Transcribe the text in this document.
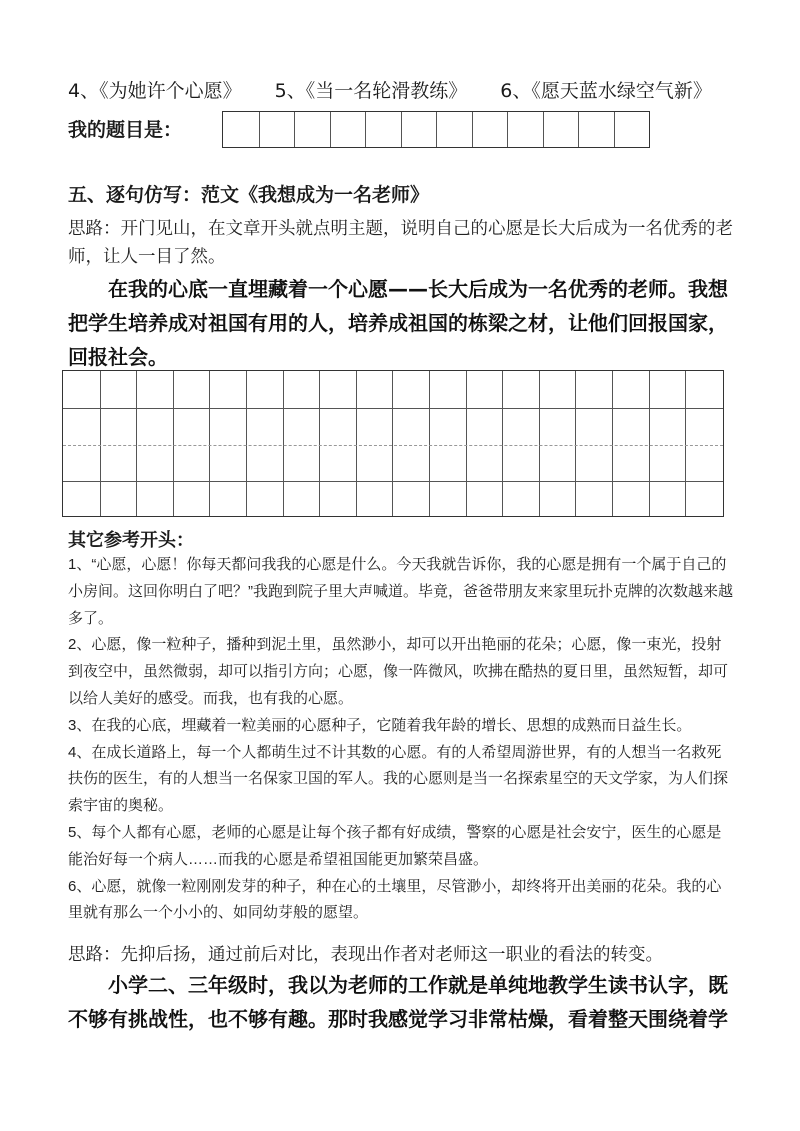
4、《为她许个心愿》 5、《当一名轮滑教练》 6、《愿天蓝水绿空气新》
我的题目是：
五、逐句仿写：范文《我想成为一名老师》
思路：开门见山，在文章开头就点明主题，说明自己的心愿是长大后成为一名优秀的老师，让人一目了然。
在我的心底一直埋藏着一个心愿——长大后成为一名优秀的老师。我想把学生培养成对祖国有用的人，培养成祖国的栋梁之材，让他们回报国家，回报社会。
其它参考开头：

1、“心愿，心愿！你每天都问我我的心愿是什么。今天我就告诉你，我的心愿是拥有一个属于自己的小房间。这回你明白了吧？”我跑到院子里大声喊道。毕竟，爸爸带朋友来家里玩扑克牌的次数越来越多了。

2、心愿，像一粒种子，播种到泥土里，虽然渺小，却可以开出艳丽的花朵；心愿，像一束光，投射到夜空中，虽然微弱，却可以指引方向；心愿，像一阵微风，吹拂在酷热的夏日里，虽然短暂，却可以给人美好的感受。而我，也有我的心愿。

3、在我的心底，埋藏着一粒美丽的心愿种子，它随着我年龄的增长、思想的成熟而日益生长。

4、在成长道路上，每一个人都萌生过不计其数的心愿。有的人希望周游世界，有的人想当一名救死扶伤的医生，有的人想当一名保家卫国的军人。我的心愿则是当一名探索星空的天文学家，为人们探索宇宙的奥秘。

5、每个人都有心愿，老师的心愿是让每个孩子都有好成绩，警察的心愿是社会安宁，医生的心愿是能治好每一个病人……而我的心愿是希望祖国能更加繁荣昌盛。

6、心愿，就像一粒刚刚发芽的种子，种在心的土壤里，尽管渺小，却终将开出美丽的花朵。我的心里就有那么一个小小的、如同幼芽般的愿望。

思路：先抑后扬，通过前后对比，表现出作者对老师这一职业的看法的转变。
小学二、三年级时，我以为老师的工作就是单纯地教学生读书认字，既不够有挑战性，也不够有趣。那时我感觉学习非常枯燥，看着整天围绕着学
